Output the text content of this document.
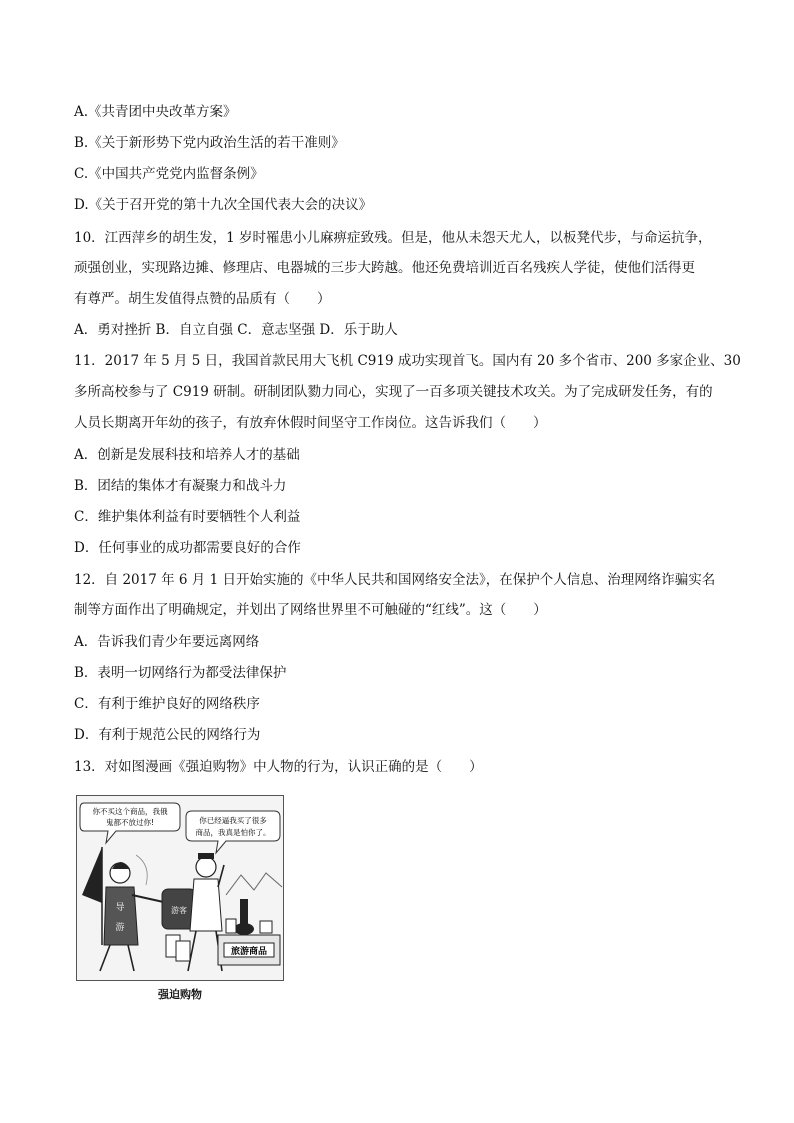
A.《共青团中央改革方案》
B.《关于新形势下党内政治生活的若干准则》
C.《中国共产党党内监督条例》
D.《关于召开党的第十九次全国代表大会的决议》
10．江西萍乡的胡生发，1 岁时罹患小儿麻痹症致残。但是，他从未怨天尤人，以板凳代步，与命运抗争，
顽强创业，实现路边摊、修理店、电器城的三步大跨越。他还免费培训近百名残疾人学徒，使他们活得更
有尊严。胡生发值得点赞的品质有（　　）
A．勇对挫折 B．自立自强 C．意志坚强 D．乐于助人
11．2017 年 5 月 5 日，我国首款民用大飞机 C919 成功实现首飞。国内有 20 多个省市、200 多家企业、30
多所高校参与了 C919 研制。研制团队勠力同心，实现了一百多项关键技术攻关。为了完成研发任务，有的
人员长期离开年幼的孩子，有放弃休假时间坚守工作岗位。这告诉我们（　　）
A．创新是发展科技和培养人才的基础
B．团结的集体才有凝聚力和战斗力
C．维护集体利益有时要牺牲个人利益
D．任何事业的成功都需要良好的合作
12．自 2017 年 6 月 1 日开始实施的《中华人民共和国网络安全法》，在保护个人信息、治理网络诈骗实名
制等方面作出了明确规定，并划出了网络世界里不可触碰的“红线”。这（　　）
A．告诉我们青少年要远离网络
B．表明一切网络行为都受法律保护
C．有利于维护良好的网络秩序
D．有利于规范公民的网络行为
13．对如图漫画《强迫购物》中人物的行为，认识正确的是（　　）
你不买这个商品，我俄
鬼都不放过你!	你已经逼我买了很多
商品，我真是怕你了。
导
游
游客
旅游商品
强迫购物
